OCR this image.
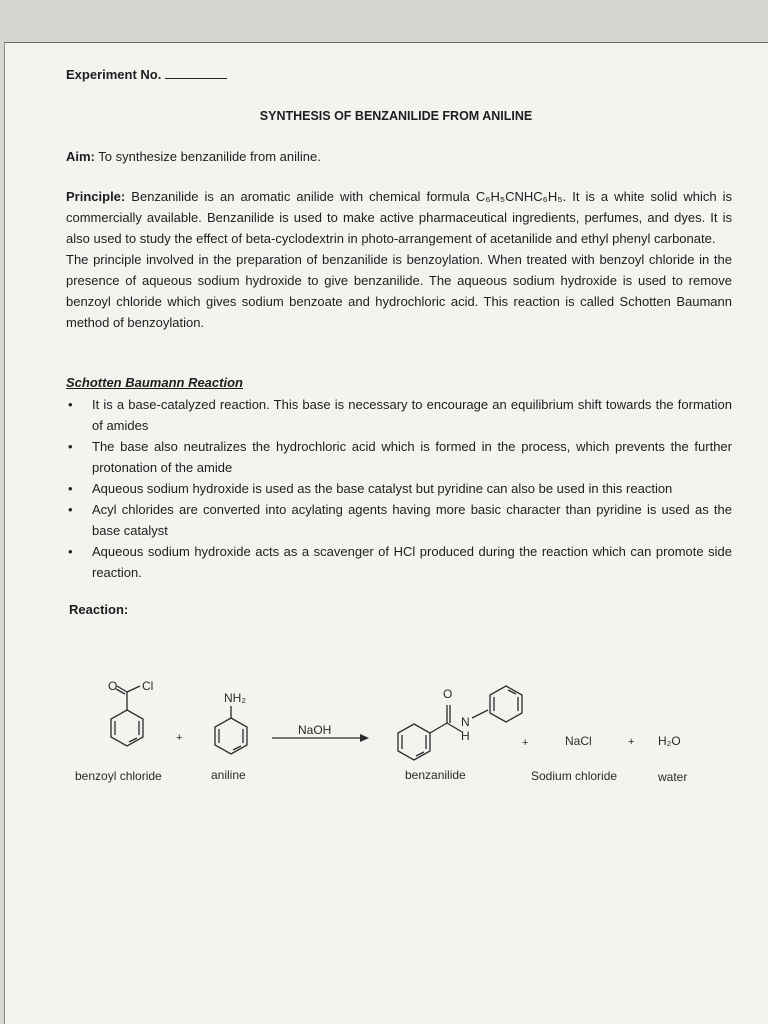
Experiment No.
SYNTHESIS OF BENZANILIDE FROM ANILINE
Aim: To synthesize benzanilide from aniline.

Principle: Benzanilide is an aromatic anilide with chemical formula C₆H₅CNHC₆H₅. It is a white solid which is commercially available. Benzanilide is used to make active pharmaceutical ingredients, perfumes, and dyes. It is also used to study the effect of beta-cyclodextrin in photo-arrangement of acetanilide and ethyl phenyl carbonate.

The principle involved in the preparation of benzanilide is benzoylation. When treated with benzoyl chloride in the presence of aqueous sodium hydroxide to give benzanilide. The aqueous sodium hydroxide is used to remove benzoyl chloride which gives sodium benzoate and hydrochloric acid. This reaction is called Schotten Baumann method of benzoylation.

Schotten Baumann Reaction
• It is a base-catalyzed reaction. This base is necessary to encourage an equilibrium shift towards the formation of amides
• The base also neutralizes the hydrochloric acid which is formed in the process, which prevents the further protonation of the amide
• Aqueous sodium hydroxide is used as the base catalyst but pyridine can also be used in this reaction
• Acyl chlorides are converted into acylating agents having more basic character than pyridine is used as the base catalyst
• Aqueous sodium hydroxide acts as a scavenger of HCl produced during the reaction which can promote side reaction.
Reaction:
O Cl
+
NH₂
NaOH
O
N
H	+	NaCl	+ H₂O
benzoyl chloride	aniline	benzanilide	Sodium chloride	water
